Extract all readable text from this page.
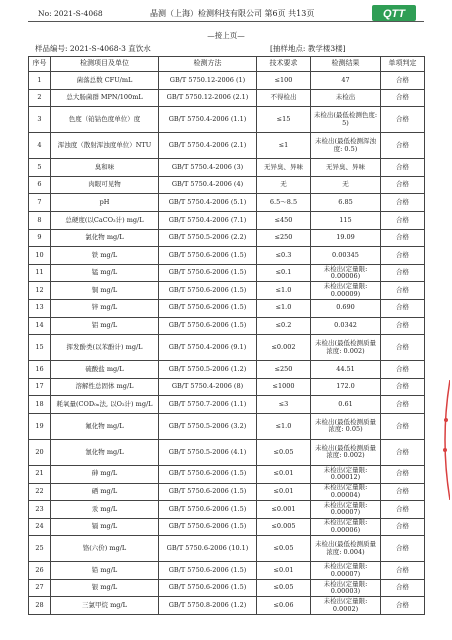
No: 2021-S-4068	晶测（上海）检测科技有限公司 第6页 共13页	QTT
—接上页—
样品编号: 2021-S-4068-3 直饮水	[抽样地点: 教学楼3楼]
序号	检测项目及单位	检测方法	技术要求	检测结果	单项判定
1	菌落总数 CFU/mL	GB/T 5750.12-2006 (1)	≤100	47	合格
2	总大肠菌群 MPN/100mL	GB/T 5750.12-2006 (2.1)	不得检出	未检出	合格
3	色度（铂钴色度单位）度	GB/T 5750.4-2006 (1.1)	≤15	未检出(最低检测色度: 5)	合格
4	浑浊度（散射浑浊度单位）NTU	GB/T 5750.4-2006 (2.1)	≤1	未检出(最低检测浑浊度: 0.5)	合格
5	臭和味	GB/T 5750.4-2006 (3)	无异臭、异味	无异臭、异味	合格
6	肉眼可见物	GB/T 5750.4-2006 (4)	无	无	合格
7	pH	GB/T 5750.4-2006 (5.1)	6.5～8.5	6.85	合格
8	总硬度(以CaCO₃计) mg/L	GB/T 5750.4-2006 (7.1)	≤450	115	合格
9	氯化物 mg/L	GB/T 5750.5-2006 (2.2)	≤250	19.09	合格
10	铁 mg/L	GB/T 5750.6-2006 (1.5)	≤0.3	0.00345	合格
11	锰 mg/L	GB/T 5750.6-2006 (1.5)	≤0.1	未检出(定量限: 0.00006)	合格
12	铜 mg/L	GB/T 5750.6-2006 (1.5)	≤1.0	未检出(定量限: 0.00009)	合格
13	锌 mg/L	GB/T 5750.6-2006 (1.5)	≤1.0	0.690	合格
14	铝 mg/L	GB/T 5750.6-2006 (1.5)	≤0.2	0.0342	合格
15	挥发酚类(以苯酚计) mg/L	GB/T 5750.4-2006 (9.1)	≤0.002	未检出(最低检测质量浓度: 0.002)	合格
16	硫酸盐 mg/L	GB/T 5750.5-2006 (1.2)	≤250	44.51	合格
17	溶解性总固体 mg/L	GB/T 5750.4-2006 (8)	≤1000	172.0	合格
18	耗氧量(COD₀ₙ法, 以O₂计) mg/L	GB/T 5750.7-2006 (1.1)	≤3	0.61	合格
19	氟化物 mg/L	GB/T 5750.5-2006 (3.2)	≤1.0	未检出(最低检测质量浓度: 0.05)	合格
20	氰化物 mg/L	GB/T 5750.5-2006 (4.1)	≤0.05	未检出(最低检测质量浓度: 0.002)	合格
21	砷 mg/L	GB/T 5750.6-2006 (1.5)	≤0.01	未检出(定量限: 0.00012)	合格
22	硒 mg/L	GB/T 5750.6-2006 (1.5)	≤0.01	未检出(定量限: 0.00004)	合格
23	汞 mg/L	GB/T 5750.6-2006 (1.5)	≤0.001	未检出(定量限: 0.00007)	合格
24	镉 mg/L	GB/T 5750.6-2006 (1.5)	≤0.005	未检出(定量限: 0.00006)	合格
25	铬(六价) mg/L	GB/T 5750.6-2006 (10.1)	≤0.05	未检出(最低检测质量浓度: 0.004)	合格
26	铅 mg/L	GB/T 5750.6-2006 (1.5)	≤0.01	未检出(定量限: 0.00007)	合格
27	银 mg/L	GB/T 5750.6-2006 (1.5)	≤0.05	未检出(定量限: 0.00003)	合格
28	三氯甲烷 mg/L	GB/T 5750.8-2006 (1.2)	≤0.06	未检出(定量限: 0.0002)	合格
